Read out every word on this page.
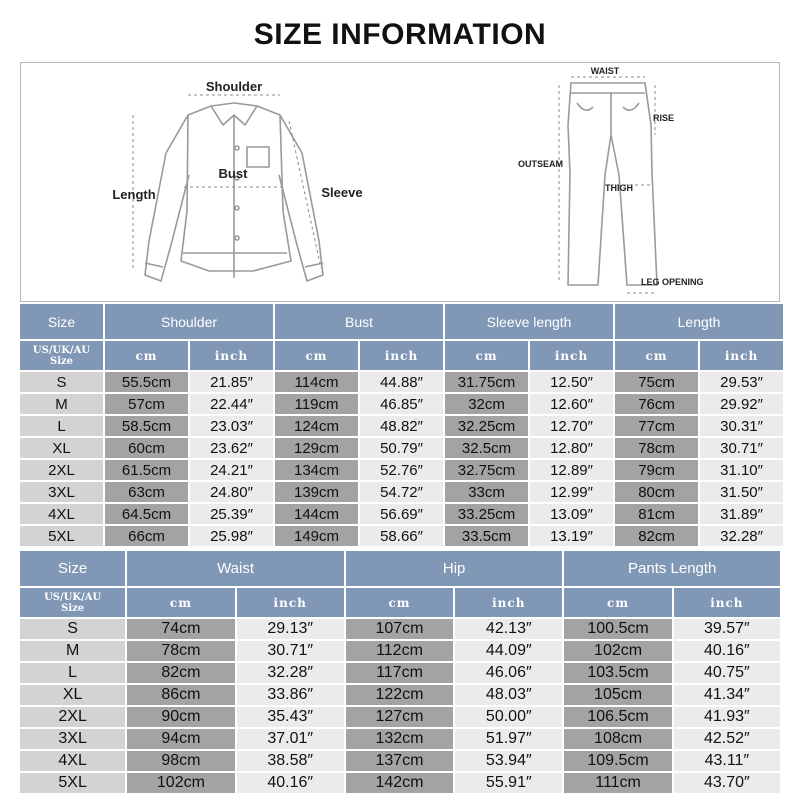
SIZE INFORMATION
Shoulder
Bust
Length	Sleeve
WAIST
RISE
OUTSEAM
THIGH
LEG OPENING
Size	Shoulder		Bust		Sleeve length		Length	

US/UK/AU
Size	cm	inch	cm	inch	cm	inch	cm	inch
S	55.5cm	21.85″	114cm	44.88″	31.75cm	12.50″	75cm	29.53″
M	57cm	22.44″	119cm	46.85″	32cm	12.60″	76cm	29.92″
L	58.5cm	23.03″	124cm	48.82″	32.25cm	12.70″	77cm	30.31″
XL	60cm	23.62″	129cm	50.79″	32.5cm	12.80″	78cm	30.71″
2XL	61.5cm	24.21″	134cm	52.76″	32.75cm	12.89″	79cm	31.10″
3XL	63cm	24.80″	139cm	54.72″	33cm	12.99″	80cm	31.50″
4XL	64.5cm	25.39″	144cm	56.69″	33.25cm	13.09″	81cm	31.89″
5XL	66cm	25.98″	149cm	58.66″	33.5cm	13.19″	82cm	32.28″
Size	Waist		Hip		Pants Length	

US/UK/AU
Size	cm	inch	cm	inch	cm	inch
S	74cm	29.13″	107cm	42.13″	100.5cm	39.57″
M	78cm	30.71″	112cm	44.09″	102cm	40.16″
L	82cm	32.28″	117cm	46.06″	103.5cm	40.75″
XL	86cm	33.86″	122cm	48.03″	105cm	41.34″
2XL	90cm	35.43″	127cm	50.00″	106.5cm	41.93″
3XL	94cm	37.01″	132cm	51.97″	108cm	42.52″
4XL	98cm	38.58″	137cm	53.94″	109.5cm	43.11″
5XL	102cm	40.16″	142cm	55.91″	111cm	43.70″
